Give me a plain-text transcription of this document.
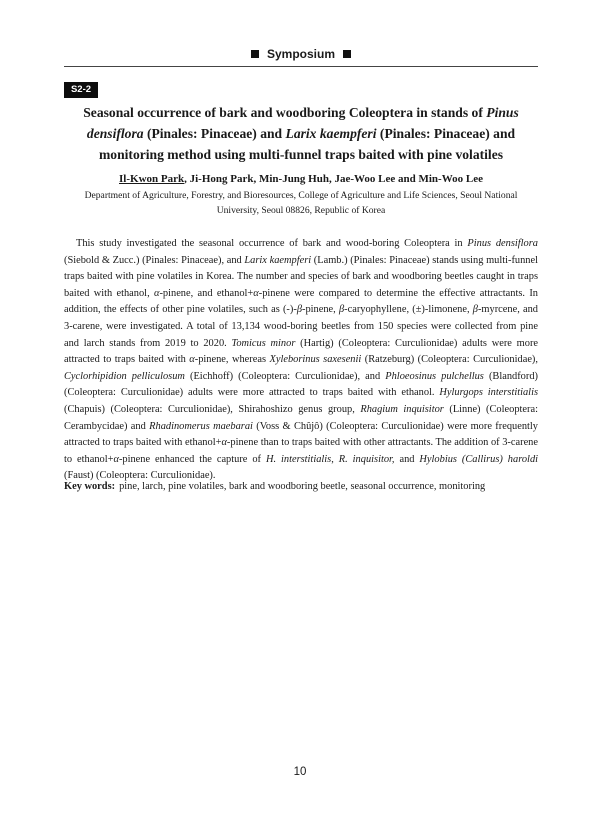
Symposium
S2-2
Seasonal occurrence of bark and woodboring Coleoptera in stands of Pinus densiflora (Pinales: Pinaceae) and Larix kaempferi (Pinales: Pinaceae) and monitoring method using multi-funnel traps baited with pine volatiles
Il-Kwon Park, Ji-Hong Park, Min-Jung Huh, Jae-Woo Lee and Min-Woo Lee
Department of Agriculture, Forestry, and Bioresources, College of Agriculture and Life Sciences, Seoul National University, Seoul 08826, Republic of Korea

This study investigated the seasonal occurrence of bark and wood-boring Coleoptera in Pinus densiflora (Siebold & Zucc.) (Pinales: Pinaceae), and Larix kaempferi (Lamb.) (Pinales: Pinaceae) stands using multi-funnel traps baited with pine volatiles in Korea. The number and species of bark and woodboring beetles caught in traps baited with ethanol, α-pinene, and ethanol+α-pinene were compared to determine the effective attractants. In addition, the effects of other pine volatiles, such as (-)-β-pinene, β-caryophyllene, (±)-limonene, β-myrcene, and 3-carene, were investigated. A total of 13,134 wood-boring beetles from 150 species were collected from pine and larch stands from 2019 to 2020. Tomicus minor (Hartig) (Coleoptera: Curculionidae) adults were more attracted to traps baited with α-pinene, whereas Xyleborinus saxesenii (Ratzeburg) (Coleoptera: Curculionidae), Cyclorhipidion pelliculosum (Eichhoff) (Coleoptera: Curculionidae), and Phloeosinus pulchellus (Blandford) (Coleoptera: Curculionidae) adults were more attracted to traps baited with ethanol. Hylurgops interstitialis (Chapuis) (Coleoptera: Curculionidae), Shirahoshizo genus group, Rhagium inquisitor (Linne) (Coleoptera: Cerambycidae) and Rhadinomerus maebarai (Voss & Chûjô) (Coleoptera: Curculionidae) were more frequently attracted to traps baited with ethanol+α-pinene than to traps baited with other attractants. The addition of 3-carene to ethanol+α-pinene enhanced the capture of H. interstitialis, R. inquisitor, and Hylobius (Callirus) haroldi (Faust) (Coleoptera: Curculionidae).

Key words: pine, larch, pine volatiles, bark and woodboring beetle, seasonal occurrence, monitoring
10
